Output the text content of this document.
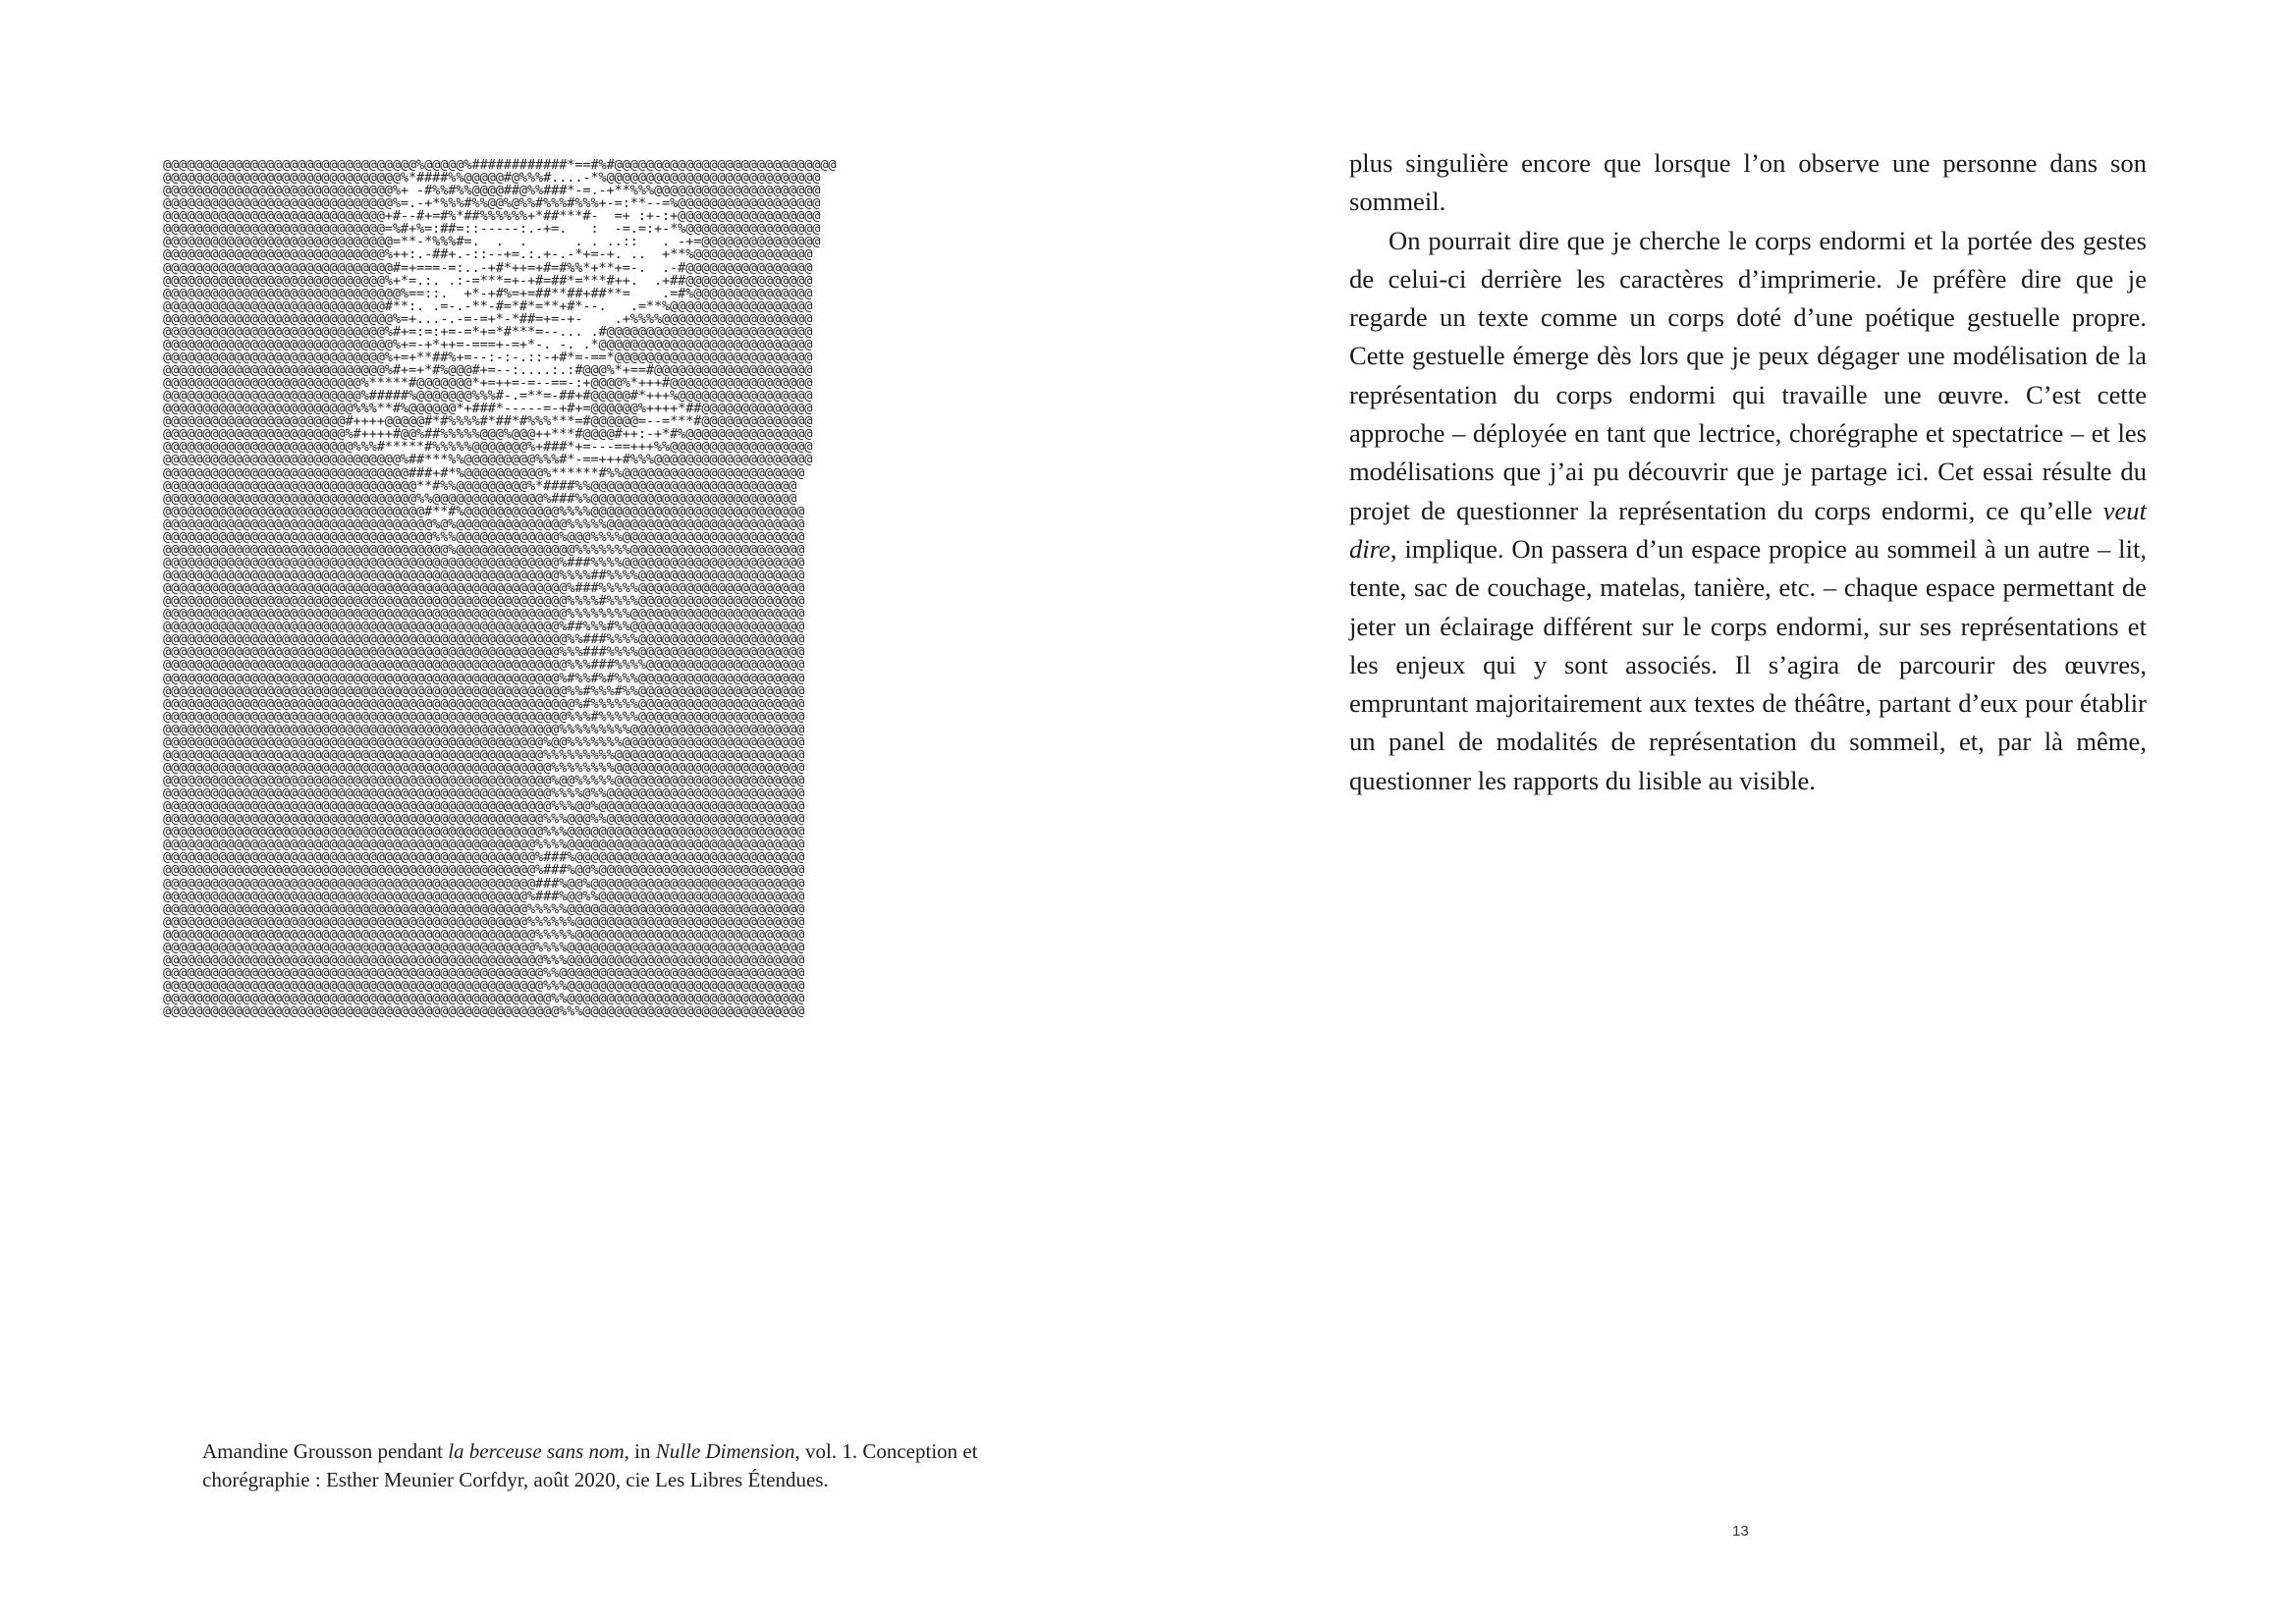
@@@@@@@@@@@@@@@@@@@@@@@@@@@@@@@@%@@@@@%############*==#%#@@@@@@@@@@@@@@@@@@@@@@@@@@@@
@@@@@@@@@@@@@@@@@@@@@@@@@@@@@@%*####%%@@@@@#@%%%#....-*%@@@@@@@@@@@@@@@@@@@@@@@@@@@
@@@@@@@@@@@@@@@@@@@@@@@@@@@@@%+ -#%%#%%@@@@##@%%###*-=.-+**%%%@@@@@@@@@@@@@@@@@@@@@
@@@@@@@@@@@@@@@@@@@@@@@@@@@@@%=.-+*%%%#%%@@%@%%#%%%#%%%+-=:**--=%@@@@@@@@@@@@@@@@@@
@@@@@@@@@@@@@@@@@@@@@@@@@@@@+#--#+=#%*##%%%%%%+*##***#-  =+ :+-:+@@@@@@@@@@@@@@@@@@
@@@@@@@@@@@@@@@@@@@@@@@@@@@@=%#+%=:##=::-----:.-+=.   :  -=.=:+-*%@@@@@@@@@@@@@@@@@
@@@@@@@@@@@@@@@@@@@@@@@@@@@@@=**-*%%%#=.  .  .      . . ..::   . -+=@@@@@@@@@@@@@@@
@@@@@@@@@@@@@@@@@@@@@@@@@@@@%++:.-##+.-::--+=.:.+-.-*+=-+. ..  +**%@@@@@@@@@@@@@@@
@@@@@@@@@@@@@@@@@@@@@@@@@@@@@#=+===-=:..-+#*++=+#=#%%*+**+=-.  .-#@@@@@@@@@@@@@@@@
@@@@@@@@@@@@@@@@@@@@@@@@@@@@%+*=.:. .:-=***=+-+#=##*=***#++.  .+##@@@@@@@@@@@@@@@@
@@@@@@@@@@@@@@@@@@@@@@@@@@@@@@%==::.  +*-+#%=+=##**##+##**=    .=#%@@@@@@@@@@@@@@@
@@@@@@@@@@@@@@@@@@@@@@@@@@@@#**:. .=-.-**-#=*#*=**+#*--.   .=**%@@@@@@@@@@@@@@@@@@
@@@@@@@@@@@@@@@@@@@@@@@@@@@@@%=+...-.-=-=+*-*##=+=-+-    .+%%%%@@@@@@@@@@@@@@@@@@@
@@@@@@@@@@@@@@@@@@@@@@@@@@@@%#+=:=:+=-=*+=*#***=--... .#@@@@@@@@@@@@@@@@@@@@@@@@@@
@@@@@@@@@@@@@@@@@@@@@@@@@@@@@%+=-+*++=-===+-=+*-. -. .*@@@@@@@@@@@@@@@@@@@@@@@@@@@
@@@@@@@@@@@@@@@@@@@@@@@@@@@@%+=+**##%+=--:-:-.::-+#*=-==*@@@@@@@@@@@@@@@@@@@@@@@@@
@@@@@@@@@@@@@@@@@@@@@@@@@@@@%#+=+*#%@@@#+=--:....:.:#@@@%*+==#@@@@@@@@@@@@@@@@@@@@
@@@@@@@@@@@@@@@@@@@@@@@@@%*****#@@@@@@@*+=++=-=--==-:+@@@@%*+++#@@@@@@@@@@@@@@@@@@
@@@@@@@@@@@@@@@@@@@@@@@@@%#####%@@@@@@@%%%#-.=**=-##+#@@@@@#*+++%@@@@@@@@@@@@@@@@@
@@@@@@@@@@@@@@@@@@@@@@@@%%%**#%@@@@@@*+###*-----=-+#+=@@@@@@%++++*##@@@@@@@@@@@@@@
@@@@@@@@@@@@@@@@@@@@@@@#++++@@@@@#*#%%%%#*##*#%%%***=#@@@@@@=--=***#@@@@@@@@@@@@@@
@@@@@@@@@@@@@@@@@@@@@@@%#++++#@@%##%%%%%@@@%@@@++***#@@@@#++:-+*#%@@@@@@@@@@@@@@@@
@@@@@@@@@@@@@@@@@@@@@@@@%%%#*****#%%%%%@@@@@@@%+###*+=---==+++%%@@@@@@@@@@@@@@@@@@
@@@@@@@@@@@@@@@@@@@@@@@@@@@@@@%##***%%@@@@@@@@@%%%#*-==+++#%%%@@@@@@@@@@@@@@@@@@@@
@@@@@@@@@@@@@@@@@@@@@@@@@@@@@@@###+#*%@@@@@@@@@@%******#%%@@@@@@@@@@@@@@@@@@@@@@@
@@@@@@@@@@@@@@@@@@@@@@@@@@@@@@@@**#%%@@@@@@@@@%*####%%@@@@@@@@@@@@@@@@@@@@@@@@@@
@@@@@@@@@@@@@@@@@@@@@@@@@@@@@@@@%%@@@@@@@@@@@@@@%###%%@@@@@@@@@@@@@@@@@@@@@@@@@@
@@@@@@@@@@@@@@@@@@@@@@@@@@@@@@@@@#**#%@@@@@@@@@@@@%%%%@@@@@@@@@@@@@@@@@@@@@@@@@@@
@@@@@@@@@@@@@@@@@@@@@@@@@@@@@@@@@@%@%@@@@@@@@@@@@@@%%%%%@@@@@@@@@@@@@@@@@@@@@@@@@
@@@@@@@@@@@@@@@@@@@@@@@@@@@@@@@@@@%%%@@@@@@@@@@@@@%@@@%%%%@@@@@@@@@@@@@@@@@@@@@@@
@@@@@@@@@@@@@@@@@@@@@@@@@@@@@@@@@@@@%@@@@@@@@@@@@@@@%%%%%%%@@@@@@@@@@@@@@@@@@@@@@
@@@@@@@@@@@@@@@@@@@@@@@@@@@@@@@@@@@@@@@@@@@@@@@@@@%###%%%%@@@@@@@@@@@@@@@@@@@@@@@
@@@@@@@@@@@@@@@@@@@@@@@@@@@@@@@@@@@@@@@@@@@@@@@@@@%%%%##%%%%@@@@@@@@@@@@@@@@@@@@@
@@@@@@@@@@@@@@@@@@@@@@@@@@@@@@@@@@@@@@@@@@@@@@@@@@@%###%%%%%@@@@@@@@@@@@@@@@@@@@@
@@@@@@@@@@@@@@@@@@@@@@@@@@@@@@@@@@@@@@@@@@@@@@@@@@@%%%%#%%%%@@@@@@@@@@@@@@@@@@@@@
@@@@@@@@@@@@@@@@@@@@@@@@@@@@@@@@@@@@@@@@@@@@@@@@@@@%%%%%%%%@@@@@@@@@@@@@@@@@@@@@@
@@@@@@@@@@@@@@@@@@@@@@@@@@@@@@@@@@@@@@@@@@@@@@@@@@%##%%%#%%@@@@@@@@@@@@@@@@@@@@@@
@@@@@@@@@@@@@@@@@@@@@@@@@@@@@@@@@@@@@@@@@@@@@@@@@@@%%###%%%%@@@@@@@@@@@@@@@@@@@@@
@@@@@@@@@@@@@@@@@@@@@@@@@@@@@@@@@@@@@@@@@@@@@@@@@@%%%###%%%%@@@@@@@@@@@@@@@@@@@@@
@@@@@@@@@@@@@@@@@@@@@@@@@@@@@@@@@@@@@@@@@@@@@@@@@@@%%%###%%%%@@@@@@@@@@@@@@@@@@@@
@@@@@@@@@@@@@@@@@@@@@@@@@@@@@@@@@@@@@@@@@@@@@@@@@@%#%%#%#%%%@@@@@@@@@@@@@@@@@@@@@
@@@@@@@@@@@@@@@@@@@@@@@@@@@@@@@@@@@@@@@@@@@@@@@@@@@%%#%%%#%%@@@@@@@@@@@@@@@@@@@@@
@@@@@@@@@@@@@@@@@@@@@@@@@@@@@@@@@@@@@@@@@@@@@@@@@@@@%#%%%%%%@@@@@@@@@@@@@@@@@@@@@
@@@@@@@@@@@@@@@@@@@@@@@@@@@@@@@@@@@@@@@@@@@@@@@@@@@%%%#%%%%%@@@@@@@@@@@@@@@@@@@@@
@@@@@@@@@@@@@@@@@@@@@@@@@@@@@@@@@@@@@@@@@@@@@@@@@@%%%%%%%%%@@@@@@@@@@@@@@@@@@@@@@
@@@@@@@@@@@@@@@@@@@@@@@@@@@@@@@@@@@@@@@@@@@@@@@@%@@%%%%%%%@@@@@@@@@@@@@@@@@@@@@@@
@@@@@@@@@@@@@@@@@@@@@@@@@@@@@@@@@@@@@@@@@@@@@@@@%%%%%%%%%@@@@@@@@@@@@@@@@@@@@@@@@
@@@@@@@@@@@@@@@@@@@@@@@@@@@@@@@@@@@@@@@@@@@@@@@@@%%%%%%%%@@@@@@@@@@@@@@@@@@@@@@@@
@@@@@@@@@@@@@@@@@@@@@@@@@@@@@@@@@@@@@@@@@@@@@@@@@%@@%%%%%@@@@@@@@@@@@@@@@@@@@@@@@
@@@@@@@@@@@@@@@@@@@@@@@@@@@@@@@@@@@@@@@@@@@@@@@@@%%%%@%%@@@@@@@@@@@@@@@@@@@@@@@@@
@@@@@@@@@@@@@@@@@@@@@@@@@@@@@@@@@@@@@@@@@@@@@@@@@%%%@@%@@@@@@@@@@@@@@@@@@@@@@@@@@
@@@@@@@@@@@@@@@@@@@@@@@@@@@@@@@@@@@@@@@@@@@@@@@@%%%@@@%%@@@@@@@@@@@@@@@@@@@@@@@@@
@@@@@@@@@@@@@@@@@@@@@@@@@@@@@@@@@@@@@@@@@@@@@@@@%%%@@@@@@@@@@@@@@@@@@@@@@@@@@@@@@
@@@@@@@@@@@@@@@@@@@@@@@@@@@@@@@@@@@@@@@@@@@@@@@%%%%@@@@@@@@@@@@@@@@@@@@@@@@@@@@@@
@@@@@@@@@@@@@@@@@@@@@@@@@@@@@@@@@@@@@@@@@@@@@@@%###%@@@@@@@@@@@@@@@@@@@@@@@@@@@@@
@@@@@@@@@@@@@@@@@@@@@@@@@@@@@@@@@@@@@@@@@@@@@@@%###%@@%@@@@@@@@@@@@@@@@@@@@@@@@@@
@@@@@@@@@@@@@@@@@@@@@@@@@@@@@@@@@@@@@@@@@@@@@@@###%@@%@@@@@@@@@@@@@@@@@@@@@@@@@@@
@@@@@@@@@@@@@@@@@@@@@@@@@@@@@@@@@@@@@@@@@@@@@@%###%@@%%@@@@@@@@@@@@@@@@@@@@@@@@@@
@@@@@@@@@@@@@@@@@@@@@@@@@@@@@@@@@@@@@@@@@@@@@@%%%%%@@@@@@@@@@@@@@@@@@@@@@@@@@@@@@
@@@@@@@@@@@@@@@@@@@@@@@@@@@@@@@@@@@@@@@@@@@@@@%%%%%%@@@@@@@@@@@@@@@@@@@@@@@@@@@@@
@@@@@@@@@@@@@@@@@@@@@@@@@@@@@@@@@@@@@@@@@@@@@@@%%%%%@@@@@@@@@@@@@@@@@@@@@@@@@@@@@
@@@@@@@@@@@@@@@@@@@@@@@@@@@@@@@@@@@@@@@@@@@@@@@%%%%@@@@@@@@@@@@@@@@@@@@@@@@@@@@@@
@@@@@@@@@@@@@@@@@@@@@@@@@@@@@@@@@@@@@@@@@@@@@@@@%%%@@@@@@@@@@@@@@@@@@@@@@@@@@@@@@
@@@@@@@@@@@@@@@@@@@@@@@@@@@@@@@@@@@@@@@@@@@@@@@@%%@@@@@@@@@@@@@@@@@@@@@@@@@@@@@@@
@@@@@@@@@@@@@@@@@@@@@@@@@@@@@@@@@@@@@@@@@@@@@@@@%%%@@@@@@@@@@@@@@@@@@@@@@@@@@@@@@
@@@@@@@@@@@@@@@@@@@@@@@@@@@@@@@@@@@@@@@@@@@@@@@@@%%@@@@@@@@@@@@@@@@@@@@@@@@@@@@@@
@@@@@@@@@@@@@@@@@@@@@@@@@@@@@@@@@@@@@@@@@@@@@@@@@@%%%@@@@@@@@@@@@@@@@@@@@@@@@@@@@
Amandine Grousson pendant la berceuse sans nom, in Nulle Dimension, vol. 1. Conception et chorégraphie : Esther Meunier Corfdyr, août 2020, cie Les Libres Étendues.

plus singulière encore que lorsque l’on observe une personne dans son sommeil.

On pourrait dire que je cherche le corps endormi et la portée des gestes de celui-ci derrière les caractères d’imprimerie. Je préfère dire que je regarde un texte comme un corps doté d’une poétique gestuelle propre. Cette gestuelle émerge dès lors que je peux dégager une modélisation de la représentation du corps endormi qui travaille une œuvre. C’est cette approche – déployée en tant que lectrice, chorégraphe et spectatrice – et les modélisations que j’ai pu découvrir que je partage ici. Cet essai résulte du projet de questionner la représentation du corps endormi, ce qu’elle veut dire, implique. On passera d’un espace propice au sommeil à un autre – lit, tente, sac de couchage, matelas, tanière, etc. – chaque espace permettant de jeter un éclairage différent sur le corps endormi, sur ses représentations et les enjeux qui y sont associés. Il s’agira de parcourir des œuvres, empruntant majoritairement aux textes de théâtre, partant d’eux pour établir un panel de modalités de représentation du sommeil, et, par là même, questionner les rapports du lisible au visible.

13
